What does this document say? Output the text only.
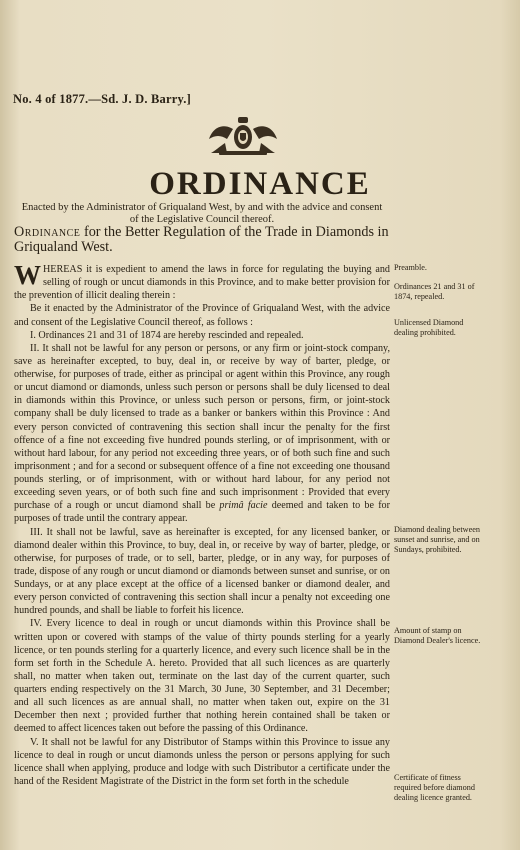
No. 4 of 1877.—Sd. J. D. Barry.]
ORDINANCE
Enacted by the Administrator of Griqualand West, by and with the advice and consent of the Legislative Council thereof.
Ordinance for the Better Regulation of the Trade in Diamonds in Griqualand West.

WHEREAS it is expedient to amend the laws in force for regulating the buying and selling of rough or uncut diamonds in this Province, and to make better provision for the prevention of illicit dealing therein :

Be it enacted by the Administrator of the Province of Griqualand West, with the advice and consent of the Legislative Council thereof, as follows :

I. Ordinances 21 and 31 of 1874 are hereby rescinded and repealed.

II. It shall not be lawful for any person or persons, or any firm or joint-stock company, save as hereinafter excepted, to buy, deal in, or receive by way of barter, pledge, or otherwise, for purposes of trade, either as principal or agent within this Province, any rough or uncut diamond or diamonds, unless such person or persons shall be duly licensed to deal in diamonds within this Province, or unless such person or persons, firm, or joint-stock company shall be duly licensed to trade as a banker or bankers within this Province : And every person convicted of contravening this section shall incur the penalty for the first offence of a fine not exceeding five hundred pounds sterling, or of imprisonment, with or without hard labour, for any period not exceeding three years, or of both such fine and such imprisonment ; and for a second or subsequent offence of a fine not exceeding one thousand pounds sterling, or of imprisonment, with or without hard labour, for any period not exceeding seven years, or of both such fine and such imprisonment : Provided that every purchase of a rough or uncut diamond shall be primâ facie deemed and taken to be for purposes of trade until the contrary appear.

III. It shall not be lawful, save as hereinafter is excepted, for any licensed banker, or diamond dealer within this Province, to buy, deal in, or receive by way of barter, pledge, or otherwise, for purposes of trade, or to sell, barter, pledge, or in any way, for purposes of trade, dispose of any rough or uncut diamond or diamonds between sunset and sunrise, or on Sundays, or at any place except at the office of a licensed banker or diamond dealer, and every person convicted of contravening this section shall incur a penalty not exceeding one hundred pounds, and shall be liable to forfeit his licence.

IV. Every licence to deal in rough or uncut diamonds within this Province shall be written upon or covered with stamps of the value of thirty pounds sterling for a yearly licence, or ten pounds sterling for a quarterly licence, and every such licence shall be in the form set forth in the Schedule A. hereto. Provided that all such licences as are quarterly shall, no matter when taken out, terminate on the last day of the current quarter, such quarters ending respectively on the 31 March, 30 June, 30 September, and 31 December; and all such licences as are annual shall, no matter when taken out, expire on the 31 December then next ; provided further that nothing herein contained shall be taken or deemed to affect licences taken out before the passing of this Ordinance.

V. It shall not be lawful for any Distributor of Stamps within this Province to issue any licence to deal in rough or uncut diamonds unless the person or persons applying for such licence shall when applying, produce and lodge with such Distributor a certificate under the hand of the Resident Magistrate of the District in the form set forth in the schedule

Preamble.
Ordinances 21 and 31 of 1874, repealed.
Unlicensed Diamond dealing prohibited.
Diamond dealing between sunset and sunrise, and on Sundays, prohibited.
Amount of stamp on Diamond Dealer's licence.
Certificate of fitness required before diamond dealing licence granted.
